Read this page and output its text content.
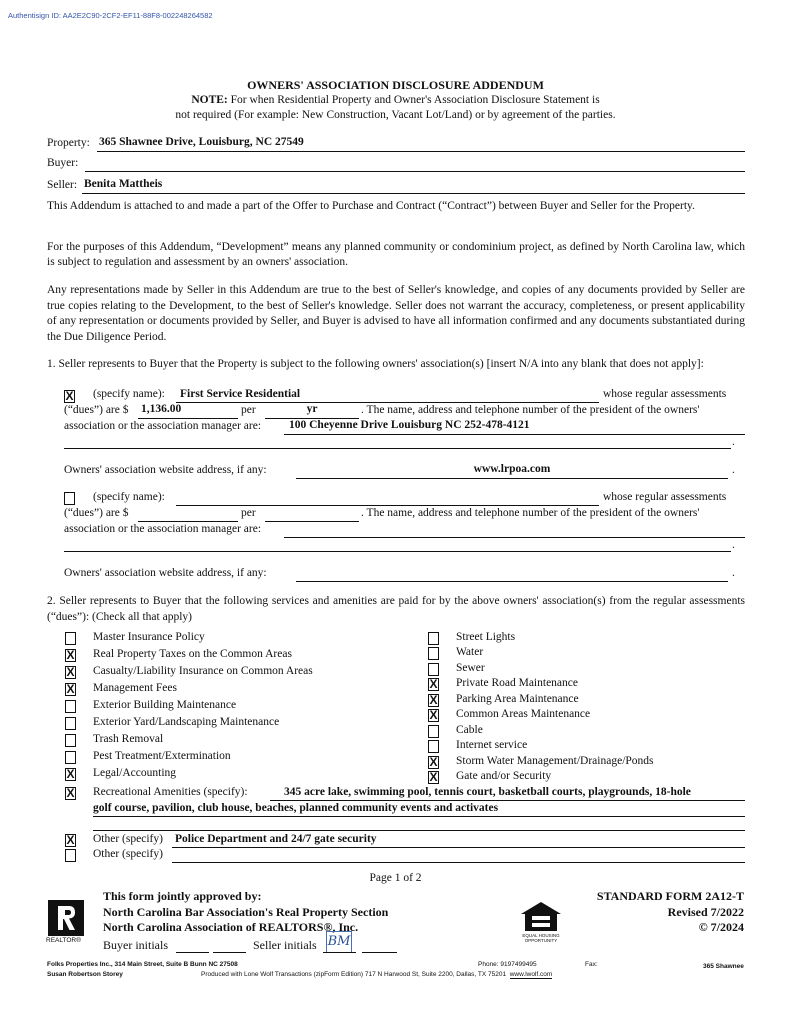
Authentisign ID: AA2E2C90-2CF2-EF11-88F8-002248264582
OWNERS' ASSOCIATION DISCLOSURE ADDENDUM
NOTE: For when Residential Property and Owner's Association Disclosure Statement is
not required (For example: New Construction, Vacant Lot/Land) or by agreement of the parties.
Property: 365 Shawnee Drive, Louisburg, NC 27549
Buyer:
Seller: Benita Mattheis
This Addendum is attached to and made a part of the Offer to Purchase and Contract (“Contract”) between Buyer and Seller for the Property.
For the purposes of this Addendum, “Development” means any planned community or condominium project, as defined by North Carolina law, which is subject to regulation and assessment by an owners' association.
Any representations made by Seller in this Addendum are true to the best of Seller's knowledge, and copies of any documents provided by Seller are true copies relating to the Development, to the best of Seller's knowledge. Seller does not warrant the accuracy, completeness, or present applicability of any representation or documents provided by Seller, and Buyer is advised to have all information confirmed and any documents substantiated during the Due Diligence Period.
1. Seller represents to Buyer that the Property is subject to the following owners' association(s) [insert N/A into any blank that does not apply]:
X (specify name): First Service Residential	whose regular assessments
(“dues”) are $ 1,136.00	per	yr	. The name, address and telephone number of the president of the owners'
association or the association manager are: 100 Cheyenne Drive Louisburg NC 252-478-4121
.
Owners' association website address, if any:	www.lrpoa.com	.
(specify name):	whose regular assessments
(“dues”) are $	per	. The name, address and telephone number of the president of the owners'
association or the association manager are:
.
Owners' association website address, if any:	.
2. Seller represents to Buyer that the following services and amenities are paid for by the above owners' association(s) from the regular assessments (“dues”): (Check all that apply)
Master Insurance Policy
X Real Property Taxes on the Common Areas
X Casualty/Liability Insurance on Common Areas
X Management Fees
Exterior Building Maintenance
Exterior Yard/Landscaping Maintenance
Trash Removal
Pest Treatment/Extermination
X Legal/Accounting
Street Lights
Water
Sewer
X Private Road Maintenance
X Parking Area Maintenance
X Common Areas Maintenance
Cable
Internet service
X Storm Water Management/Drainage/Ponds
X Gate and/or Security
X Recreational Amenities (specify):	345 acre lake, swimming pool, tennis court, basketball courts, playgrounds, 18-hole
golf course, pavilion, club house, beaches, planned community events and activates
X Other (specify) Police Department and 24/7 gate security
Other (specify)
Page 1 of 2
REALTOR®
This form jointly approved by:
North Carolina Bar Association's Real Property Section
North Carolina Association of REALTORS®, Inc.
Buyer initials	Seller initials BM	EQUAL HOUSING OPPORTUNITY
STANDARD FORM 2A12-T
Revised 7/2022
© 7/2024
Folks Properties Inc., 314 Main Street, Suite B Bunn NC 27508	Phone: 9197499495	Fax:	365 Shawnee
Susan Robertson Storey	Produced with Lone Wolf Transactions (zipForm Edition) 717 N Harwood St, Suite 2200, Dallas, TX 75201 www.lwolf.com
